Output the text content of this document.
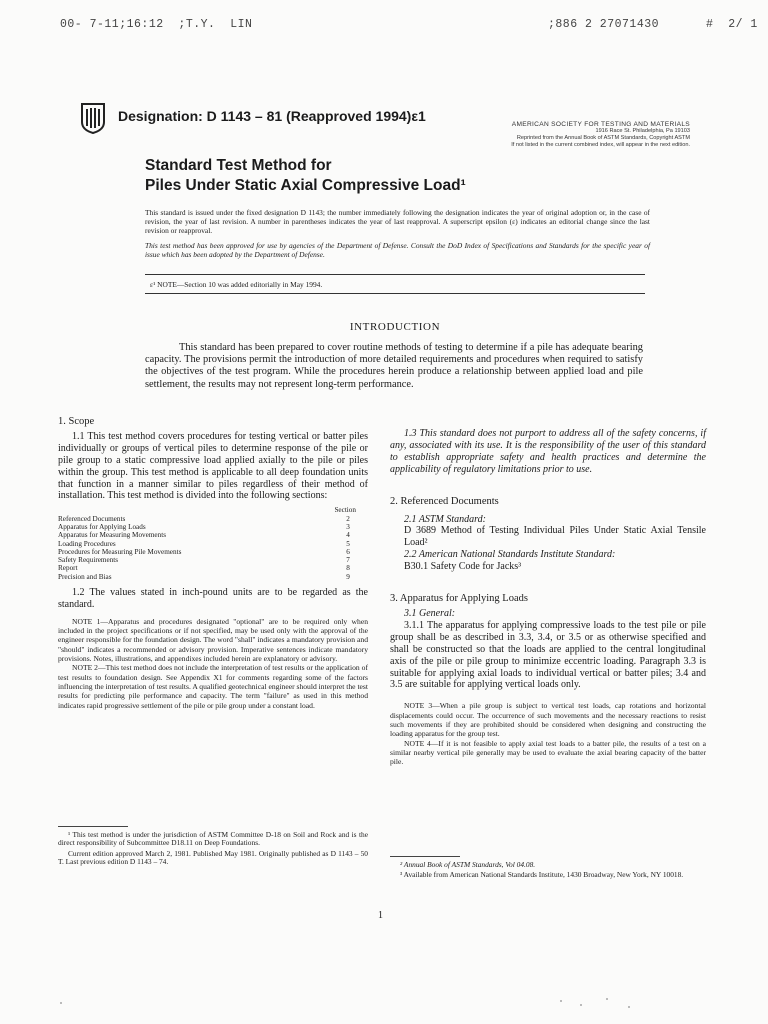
00- 7-11;16:12  ;T.Y.  LIN	;886 2 27071430	#  2/ 1
Designation: D 1143 – 81 (Reapproved 1994)ε1
AMERICAN SOCIETY FOR TESTING AND MATERIALS
1916 Race St. Philadelphia, Pa 19103
Reprinted from the Annual Book of ASTM Standards, Copyright ASTM
If not listed in the current combined index, will appear in the next edition.
Standard Test Method for
Piles Under Static Axial Compressive Load¹

This standard is issued under the fixed designation D 1143; the number immediately following the designation indicates the year of original adoption or, in the case of revision, the year of last revision. A number in parentheses indicates the year of last reapproval. A superscript epsilon (ε) indicates an editorial change since the last revision or reapproval.

This test method has been approved for use by agencies of the Department of Defense. Consult the DoD Index of Specifications and Standards for the specific year of issue which has been adopted by the Department of Defense.

ε¹ NOTE—Section 10 was added editorially in May 1994.
INTRODUCTION

This standard has been prepared to cover routine methods of testing to determine if a pile has adequate bearing capacity. The provisions permit the introduction of more detailed requirements and procedures when required to satisfy the objectives of the test program. While the procedures herein produce a relationship between applied load and pile settlement, the results may not represent long-term performance.

1. Scope

1.1 This test method covers procedures for testing vertical or batter piles individually or groups of vertical piles to determine response of the pile or pile group to a static compressive load applied axially to the pile or piles within the group. This test method is applicable to all deep foundation units that function in a manner similar to piles regardless of their method of installation. This test method is divided into the following sections:

Section
Referenced Documents	2
Apparatus for Applying Loads	3
Apparatus for Measuring Movements	4
Loading Procedures	5
Procedures for Measuring Pile Movements	6
Safety Requirements	7
Report	8
Precision and Bias	9

1.2 The values stated in inch-pound units are to be regarded as the standard.

NOTE 1—Apparatus and procedures designated "optional" are to be required only when included in the project specifications or if not specified, may be used only with the approval of the engineer responsible for the foundation design. The word "shall" indicates a mandatory provision and "should" indicates a recommended or advisory provision. Imperative sentences indicate mandatory provisions. Notes, illustrations, and appendixes included herein are explanatory or advisory.

NOTE 2—This test method does not include the interpretation of test results or the application of test results to foundation design. See Appendix X1 for comments regarding some of the factors influencing the interpretation of test results. A qualified geotechnical engineer should interpret the test results for predicting pile performance and capacity. The term "failure" as used in this method indicates rapid progressive settlement of the pile or pile group under a constant load.

¹ This test method is under the jurisdiction of ASTM Committee D-18 on Soil and Rock and is the direct responsibility of Subcommittee D18.11 on Deep Foundations.

Current edition approved March 2, 1981. Published May 1981. Originally published as D 1143 – 50 T. Last previous edition D 1143 – 74.

1.3 This standard does not purport to address all of the safety concerns, if any, associated with its use. It is the responsibility of the user of this standard to establish appropriate safety and health practices and determine the applicability of regulatory limitations prior to use.

2. Referenced Documents

2.1 ASTM Standard:

D 3689 Method of Testing Individual Piles Under Static Axial Tensile Load²

2.2 American National Standards Institute Standard:

B30.1 Safety Code for Jacks³

3. Apparatus for Applying Loads

3.1 General:

3.1.1 The apparatus for applying compressive loads to the test pile or pile group shall be as described in 3.3, 3.4, or 3.5 or as otherwise specified and shall be constructed so that the loads are applied to the central longitudinal axis of the pile or pile group to minimize eccentric loading. Paragraph 3.3 is suitable for applying axial loads to individual vertical or batter piles; 3.4 and 3.5 are suitable for applying vertical loads only.

NOTE 3—When a pile group is subject to vertical test loads, cap rotations and horizontal displacements could occur. The occurrence of such movements and the necessary reactions to resist such movements if they are prohibited should be considered when designing and constructing the loading apparatus for the group test.

NOTE 4—If it is not feasible to apply axial test loads to a batter pile, the results of a test on a similar nearby vertical pile generally may be used to evaluate the axial bearing capacity of the batter pile.

² Annual Book of ASTM Standards, Vol 04.08.

³ Available from American National Standards Institute, 1430 Broadway, New York, NY 10018.

1
